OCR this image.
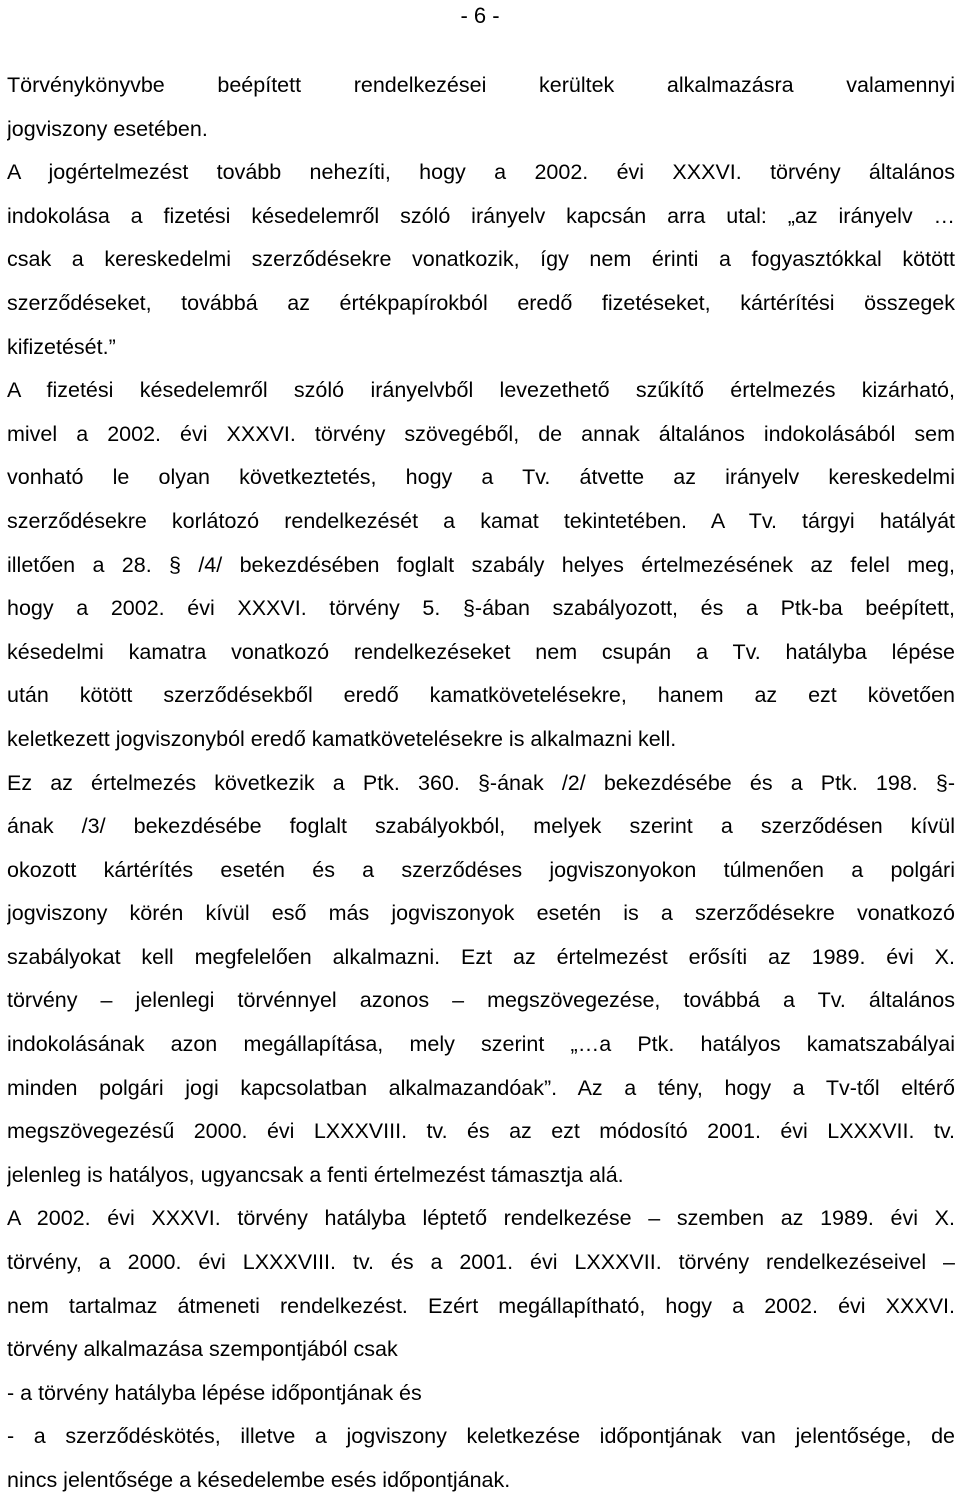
- 6 -
Törvénykönyvbe beépített rendelkezései kerültek alkalmazásra valamennyi
jogviszony esetében.
A jogértelmezést tovább nehezíti, hogy a 2002. évi XXXVI. törvény általános
indokolása a fizetési késedelemről szóló irányelv kapcsán arra utal: „az irányelv …
csak a kereskedelmi szerződésekre vonatkozik, így nem érinti a fogyasztókkal kötött
szerződéseket, továbbá az értékpapírokból eredő fizetéseket, kártérítési összegek
kifizetését.”
A fizetési késedelemről szóló irányelvből levezethető szűkítő értelmezés kizárható,
mivel a 2002. évi XXXVI. törvény szövegéből, de annak általános indokolásából sem
vonható le olyan következtetés, hogy a Tv. átvette az irányelv kereskedelmi
szerződésekre korlátozó rendelkezését a kamat tekintetében. A Tv. tárgyi hatályát
illetően a 28. § /4/ bekezdésében foglalt szabály helyes értelmezésének az felel meg,
hogy a 2002. évi XXXVI. törvény 5. §-ában szabályozott, és a Ptk-ba beépített,
késedelmi kamatra vonatkozó rendelkezéseket nem csupán a Tv. hatályba lépése
után kötött szerződésekből eredő kamatkövetelésekre, hanem az ezt követően
keletkezett jogviszonyból eredő kamatkövetelésekre is alkalmazni kell.
Ez az értelmezés következik a Ptk. 360. §-ának /2/ bekezdésébe és a Ptk. 198. §-
ának /3/ bekezdésébe foglalt szabályokból, melyek szerint a szerződésen kívül
okozott kártérítés esetén és a szerződéses jogviszonyokon túlmenően a polgári
jogviszony körén kívül eső más jogviszonyok esetén is a szerződésekre vonatkozó
szabályokat kell megfelelően alkalmazni. Ezt az értelmezést erősíti az 1989. évi X.
törvény – jelenlegi törvénnyel azonos – megszövegezése, továbbá a Tv. általános
indokolásának azon megállapítása, mely szerint „…a Ptk. hatályos kamatszabályai
minden polgári jogi kapcsolatban alkalmazandóak”. Az a tény, hogy a Tv-től eltérő
megszövegezésű 2000. évi LXXXVIII. tv. és az ezt módosító 2001. évi LXXXVII. tv.
jelenleg is hatályos, ugyancsak a fenti értelmezést támasztja alá.
A 2002. évi XXXVI. törvény hatályba léptető rendelkezése – szemben az 1989. évi X.
törvény, a 2000. évi LXXXVIII. tv. és a 2001. évi LXXXVII. törvény rendelkezéseivel –
nem tartalmaz átmeneti rendelkezést. Ezért megállapítható, hogy a 2002. évi XXXVI.
törvény alkalmazása szempontjából csak
- a törvény hatályba lépése időpontjának és
- a szerződéskötés, illetve a jogviszony keletkezése időpontjának van jelentősége, de
nincs jelentősége a késedelembe esés időpontjának.
